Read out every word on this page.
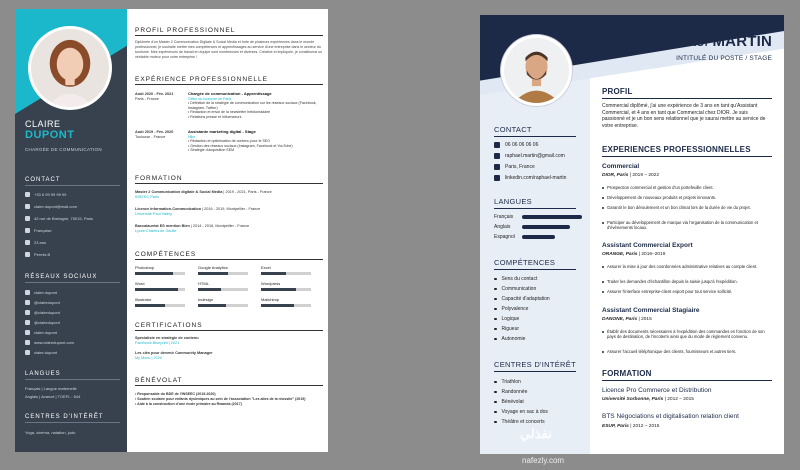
CLAIRE
DUPONT
CHARGÉE DE COMMUNICATION
CONTACT
+33 6 99 99 99 99
claire.dupont@mail.com
42 rue de Bretagne, 75015, Paris
Française
23 ans
Permis B
RÉSEAUX SOCIAUX
claire.dupont
@clairedupont
@clairedupont
@clairedupont
claire.dupont
www.clairedupont.com
claire.dupont
LANGUES
Français | Langue maternelle
Anglais | Avancé | TOEFL : 644
CENTRES D'INTÉRÊT
Yoga, cinéma, natation, judo
PROFIL PROFESSIONNEL
Diplômée d'un Master 2 Communication Digitale & Social Media et forte de plusieurs expériences dans le monde professionnel, je souhaite mettre mes compétences et apprentissages au service d'une entreprise dans le secteur du tourisme. Mes expériences de travail en équipe sont nombreuses et diverses. Créative et impliquée, je constituerai un véritable moteur pour votre entreprise !
EXPÉRIENCE PROFESSIONNELLE
Août 2020 - Fév. 2021
Paris - France
Chargée de communication - Apprentissage
Office du tourisme de Paris
• Définition de la stratégie de communication sur les réseaux sociaux (Facebook, Instagram, Twitter)
• Rédaction et envoi de la newsletter hebdomadaire
• Relations presse et influenceurs
Août 2019 - Fév. 2020
Toulouse - France
Assistante marketing digital - Stage
Nike
• Rédaction et optimisation de contenu pour le SEO
• Gestion des réseaux sociaux (Instagram, Facebook et YouTube)
• Stratégie d'acquisition SEM
FORMATION
Master 2 Communication digitale & Social Media | 2019 - 2021, Paris - France
INSEEC Paris
Licence Information-Communication | 2016 - 2019, Montpellier - France
Université Paul Valéry
Baccalauréat ES mention Bien | 2014 - 2016, Montpellier - France
Lycée Charles de Gaulle
COMPÉTENCES
Photoshop	Google Analytics	Excel
Word	HTML	Wordpress
Illustrator	Indesign	Mailchimp
CERTIFICATIONS
Spécialiste en stratégie de contenu
Facebook Blueprint | 2021
Les clés pour devenir Community Manager
My Mooc | 2020
BÉNÉVOLAT
• Responsable du BDE de l'INSEEC (2019-2020)
• Soutien scolaire pour enfants dyslexiques au sein de l'association "Les ailes de la réussite" (2019)
• Aide à la construction d'une école primaire au Rwanda (2017)
Raphaël MARTIN
INTITULÉ DU POSTE / STAGE
CONTACT
06 06 06 06 06
raphael.martin@gmail.com
Paris, France
linkedin.com/raphael-martin
LANGUES
Français
Anglais
Espagnol
COMPÉTENCES
Sens du contact
Communication
Capacité d'adaptation
Polyvalence
Logique
Rigueur
Autonomie
CENTRES D'INTÉRÊT
Triathlon
Randonnée
Bénévolat
Voyage en sac à dos
Théâtre et concerts
PROFIL
Commercial diplômé, j'ai une expérience de 3 ans en tant qu'Assistant Commercial, et 4 ans en tant que Commercial chez DIOR. Je suis passionné et je un bon sens relationnel que je saurai mettre au service de votre entreprise.
EXPERIENCES PROFESSIONNELLES
Commercial
DIOR, Paris | 2019 – 2022
Prospection commercial et gestion d'un portefeuille client.
Développement de nouveaux produits et projets innovants.
Garantir le bon déroulement et un bon climat lors de la durée de vie du projet.
Participer au développement de marque via l'organisation de la communication et d'événements locaux.
Assistant Commercial Export
ORANGE, Paris | 2016–2019
Assurer la mise à jour des coordonnées administrative relatives au compte client.
Traiter les demandes d'échantillon depuis la saisie jusqu'à l'expédition.
Assurer l'interface entreprise-client export pour tout service sollicité.
Assistant Commercial Stagiaire
DANONE, Paris | 2015
Établir des documents nécessaires à l'expédition des commandes en fonction de son pays de destination, de l'incoterm ainsi que du mode de règlement convenu.
Assurer l'accueil téléphonique des clients, fournisseurs et autres tiers.
FORMATION
Licence Pro Commerce et Distribution
Université Sorbonne, Paris | 2012 – 2015
BTS Négociations et digitalisation relation client
ESUP, Paris | 2012 – 2015
نفذلي
nafezly.com
